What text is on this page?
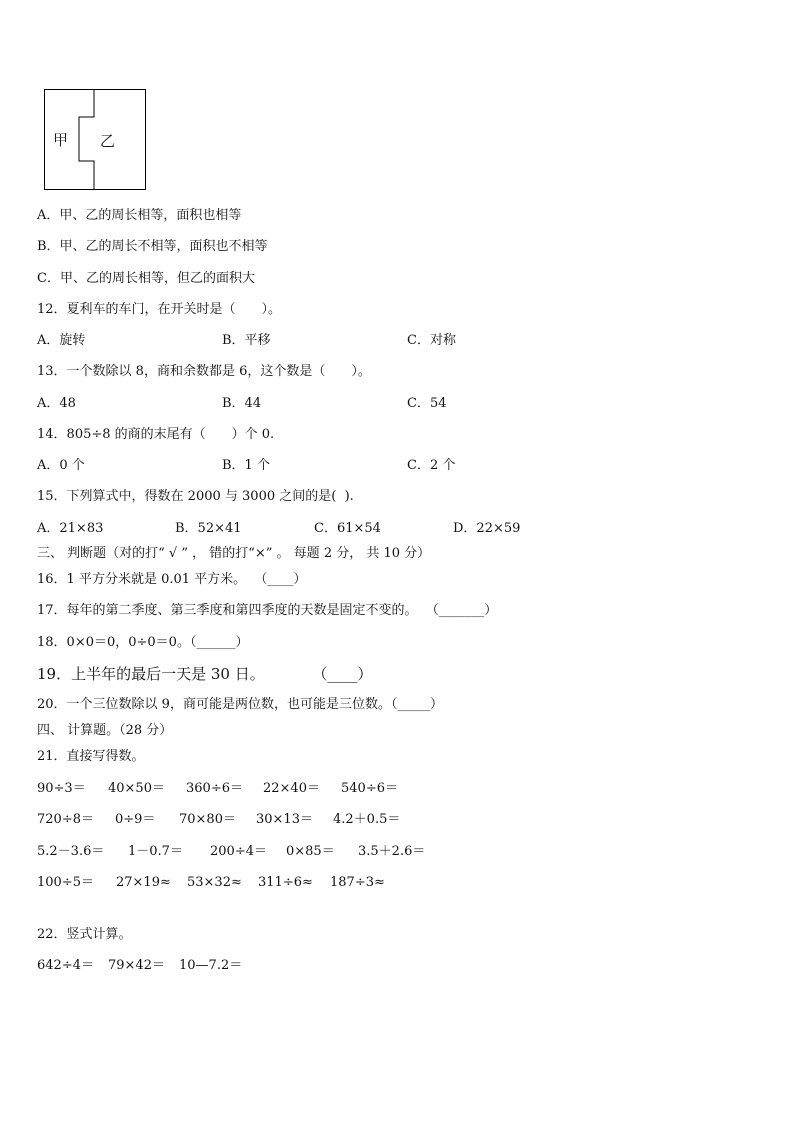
甲 乙
A．甲、乙的周长相等，面积也相等
B．甲、乙的周长不相等，面积也不相等
C．甲、乙的周长相等，但乙的面积大
12．夏利车的车门，在开关时是（　　）。
A．旋转	B．平移	C．对称
13．一个数除以 8，商和余数都是 6，这个数是（　　）。
A．48	B．44	C．54
14．805÷8 的商的末尾有（　　）个 0.
A．0 个	B．1 个	C．2 个
15．下列算式中，得数在 2000 与 3000 之间的是(  ).
A．21×83	B．52×41	C．61×54	D．22×59
三、 判断题（对的打“ √ ” ， 错的打“×” 。 每题 2 分， 共 10 分）
16．1 平方分米就是 0.01 平方米。  （____）
17．每年的第二季度、第三季度和第四季度的天数是固定不变的。  （_______）
18．0×0＝0，0÷0＝0。（______）
19．上半年的最后一天是 30 日。          （____）
20．一个三位数除以 9，商可能是两位数，也可能是三位数。（_____）
四、 计算题。（28 分）
21．直接写得数。
90÷3＝ 40×50＝ 360÷6＝ 22×40＝ 540÷6＝
720÷8＝ 0÷9＝ 70×80＝ 30×13＝ 4.2＋0.5＝
5.2－3.6＝ 1－0.7＝ 200÷4＝ 0×85＝ 3.5＋2.6＝
100÷5＝ 27×19≈ 53×32≈ 311÷6≈ 187÷3≈
22．竖式计算。
642÷4＝ 79×42＝ 10—7.2＝
